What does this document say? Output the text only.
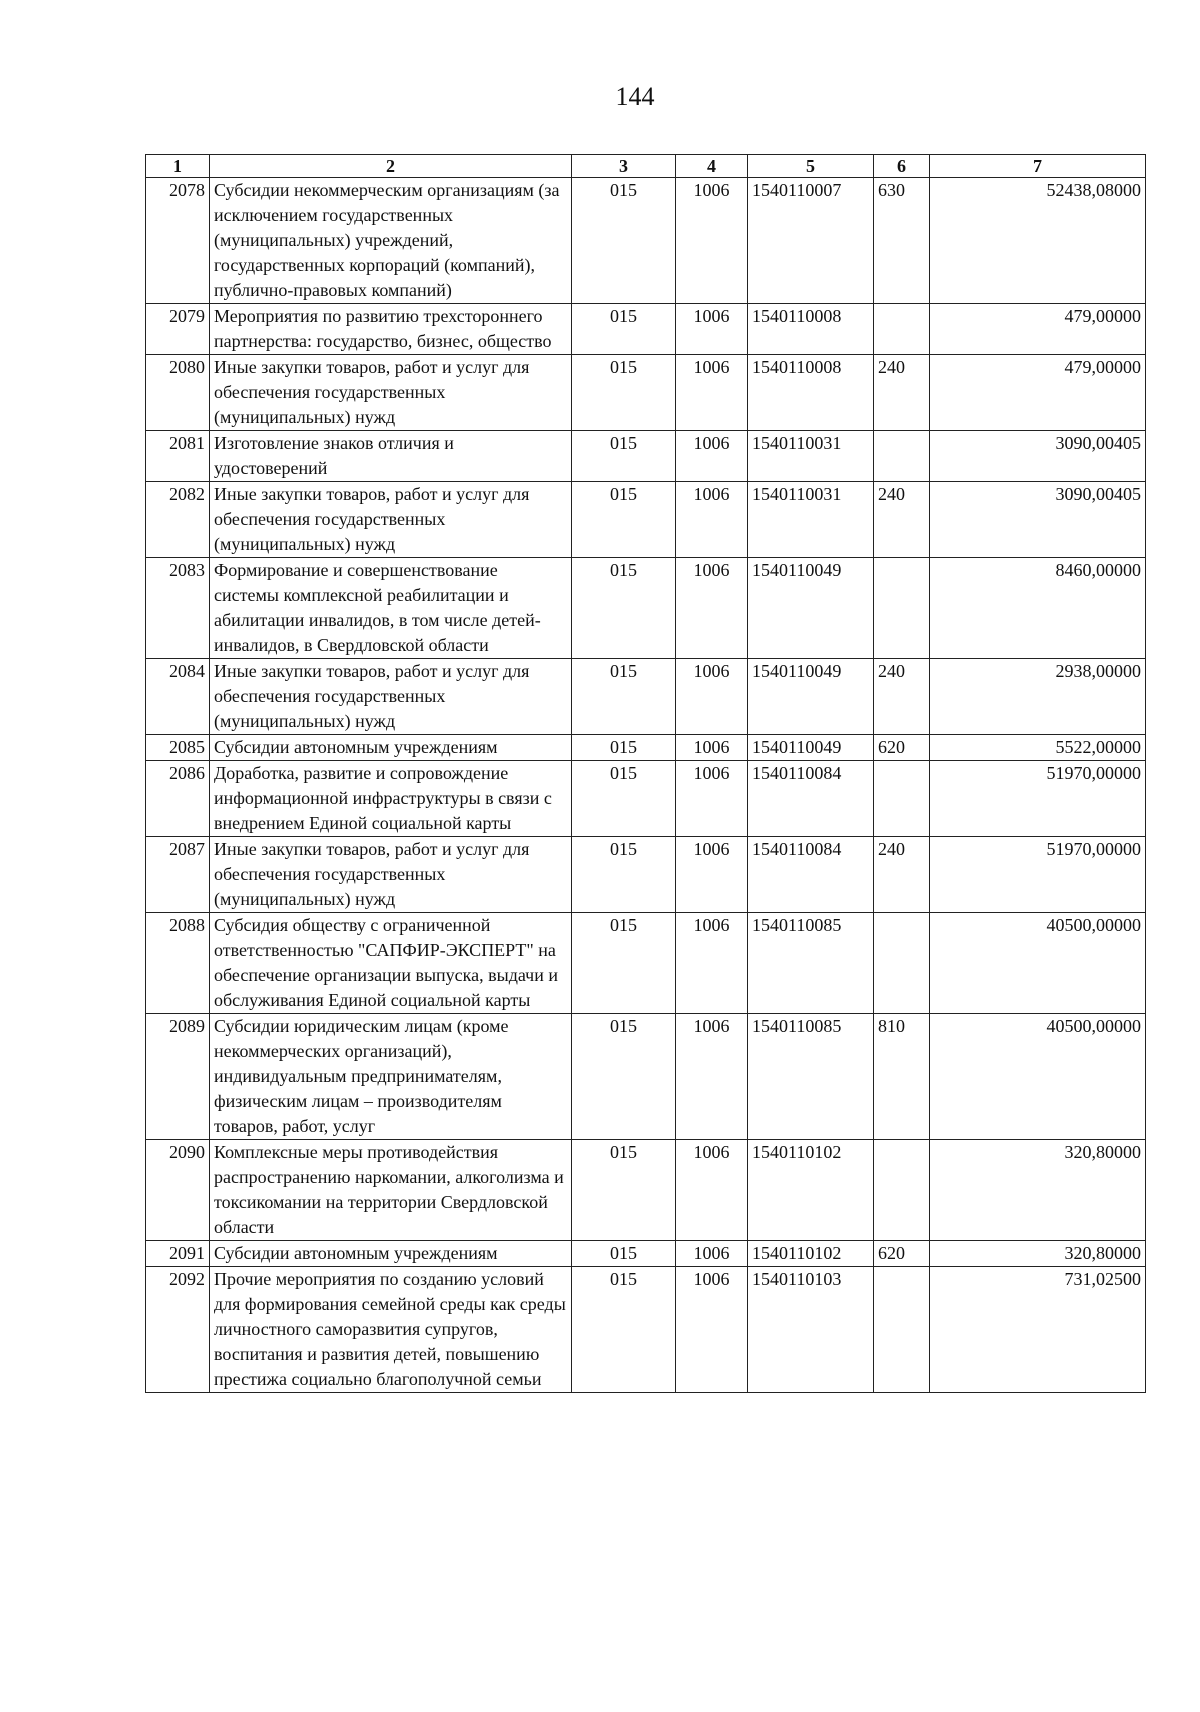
144
1	2	3	4	5	6	7
2078	Субсидии некоммерческим организациям (за исключением государственных (муниципальных) учреждений, государственных корпораций (компаний), публично-правовых компаний)	015	1006	1540110007	630	52438,08000
2079	Мероприятия по развитию трехстороннего партнерства: государство, бизнес, общество	015	1006	1540110008		479,00000
2080	Иные закупки товаров, работ и услуг для обеспечения государственных (муниципальных) нужд	015	1006	1540110008	240	479,00000
2081	Изготовление знаков отличия и удостоверений	015	1006	1540110031		3090,00405
2082	Иные закупки товаров, работ и услуг для обеспечения государственных (муниципальных) нужд	015	1006	1540110031	240	3090,00405
2083	Формирование и совершенствование системы комплексной реабилитации и абилитации инвалидов, в том числе детей-инвалидов, в Свердловской области	015	1006	1540110049		8460,00000
2084	Иные закупки товаров, работ и услуг для обеспечения государственных (муниципальных) нужд	015	1006	1540110049	240	2938,00000
2085	Субсидии автономным учреждениям	015	1006	1540110049	620	5522,00000
2086	Доработка, развитие и сопровождение информационной инфраструктуры в связи с внедрением Единой социальной карты	015	1006	1540110084		51970,00000
2087	Иные закупки товаров, работ и услуг для обеспечения государственных (муниципальных) нужд	015	1006	1540110084	240	51970,00000
2088	Субсидия обществу с ограниченной ответственностью "САПФИР-ЭКСПЕРТ" на обеспечение организации выпуска, выдачи и обслуживания Единой социальной карты	015	1006	1540110085		40500,00000
2089	Субсидии юридическим лицам (кроме некоммерческих организаций), индивидуальным предпринимателям, физическим лицам – производителям товаров, работ, услуг	015	1006	1540110085	810	40500,00000
2090	Комплексные меры противодействия распространению наркомании, алкоголизма и токсикомании на территории Свердловской области	015	1006	1540110102		320,80000
2091	Субсидии автономным учреждениям	015	1006	1540110102	620	320,80000
2092	Прочие мероприятия по созданию условий для формирования семейной среды как среды личностного саморазвития супругов, воспитания и развития детей, повышению престижа социально благополучной семьи	015	1006	1540110103		731,02500
